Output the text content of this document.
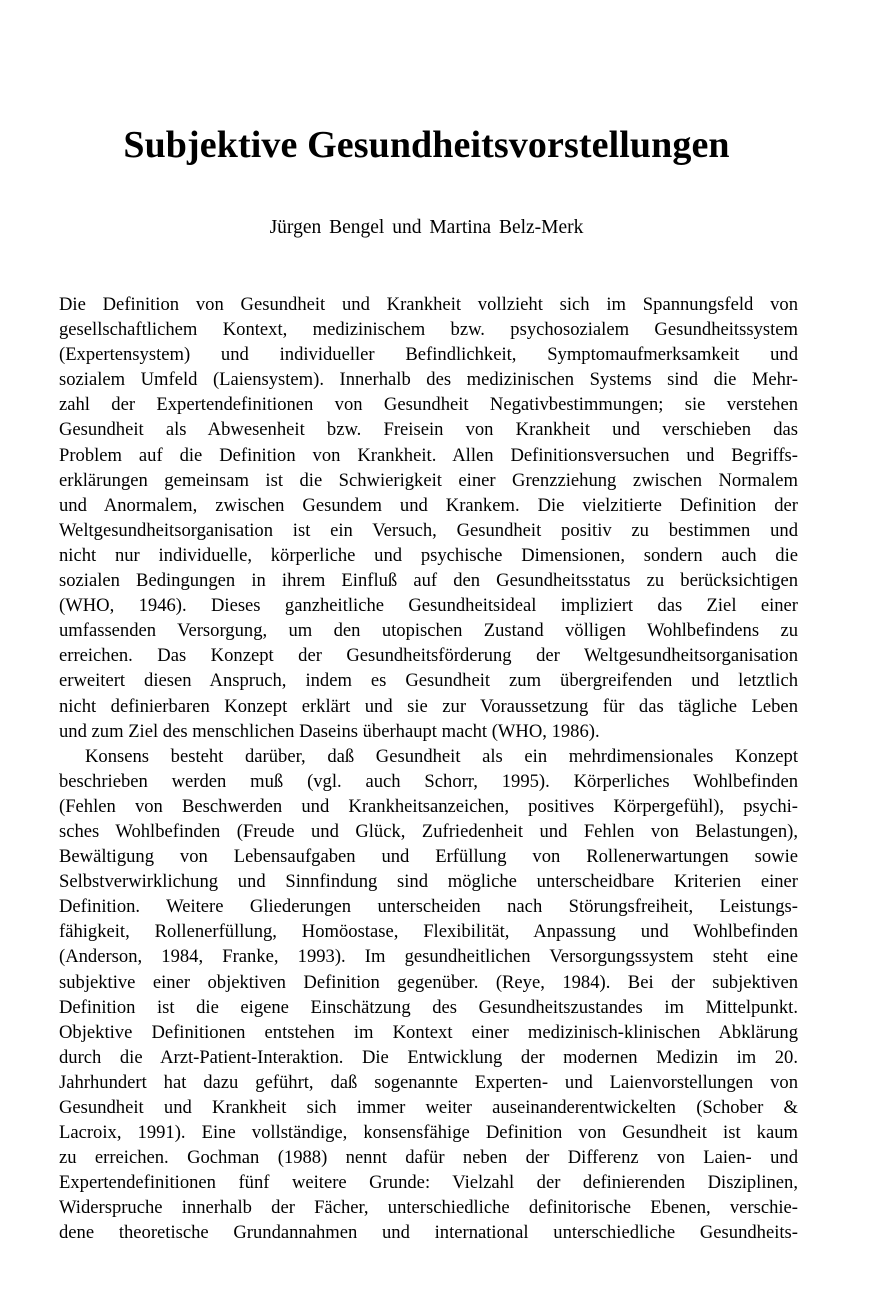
Subjektive Gesundheitsvorstellungen
Jürgen Bengel und Martina Belz-Merk
Die Definition von Gesundheit und Krankheit vollzieht sich im Spannungsfeld von
gesellschaftlichem Kontext, medizinischem bzw. psychosozialem Gesundheitssystem
(Expertensystem) und individueller Befindlichkeit, Symptomaufmerksamkeit und
sozialem Umfeld (Laiensystem). Innerhalb des medizinischen Systems sind die Mehr-
zahl der Expertendefinitionen von Gesundheit Negativbestimmungen; sie verstehen
Gesundheit als Abwesenheit bzw. Freisein von Krankheit und verschieben das
Problem auf die Definition von Krankheit. Allen Definitionsversuchen und Begriffs-
erklärungen gemeinsam ist die Schwierigkeit einer Grenzziehung zwischen Normalem
und Anormalem, zwischen Gesundem und Krankem. Die vielzitierte Definition der
Weltgesundheitsorganisation ist ein Versuch, Gesundheit positiv zu bestimmen und
nicht nur individuelle, körperliche und psychische Dimensionen, sondern auch die
sozialen Bedingungen in ihrem Einfluß auf den Gesundheitsstatus zu berücksichtigen
(WHO, 1946). Dieses ganzheitliche Gesundheitsideal impliziert das Ziel einer
umfassenden Versorgung, um den utopischen Zustand völligen Wohlbefindens zu
erreichen. Das Konzept der Gesundheitsförderung der Weltgesundheitsorganisation
erweitert diesen Anspruch, indem es Gesundheit zum übergreifenden und letztlich
nicht definierbaren Konzept erklärt und sie zur Voraussetzung für das tägliche Leben
und zum Ziel des menschlichen Daseins überhaupt macht (WHO, 1986).
Konsens besteht darüber, daß Gesundheit als ein mehrdimensionales Konzept
beschrieben werden muß (vgl. auch Schorr, 1995). Körperliches Wohlbefinden
(Fehlen von Beschwerden und Krankheitsanzeichen, positives Körpergefühl), psychi-
sches Wohlbefinden (Freude und Glück, Zufriedenheit und Fehlen von Belastungen),
Bewältigung von Lebensaufgaben und Erfüllung von Rollenerwartungen sowie
Selbstverwirklichung und Sinnfindung sind mögliche unterscheidbare Kriterien einer
Definition. Weitere Gliederungen unterscheiden nach Störungsfreiheit, Leistungs-
fähigkeit, Rollenerfüllung, Homöostase, Flexibilität, Anpassung und Wohlbefinden
(Anderson, 1984, Franke, 1993). Im gesundheitlichen Versorgungssystem steht eine
subjektive einer objektiven Definition gegenüber. (Reye, 1984). Bei der subjektiven
Definition ist die eigene Einschätzung des Gesundheitszustandes im Mittelpunkt.
Objektive Definitionen entstehen im Kontext einer medizinisch-klinischen Abklärung
durch die Arzt-Patient-Interaktion. Die Entwicklung der modernen Medizin im 20.
Jahrhundert hat dazu geführt, daß sogenannte Experten- und Laienvorstellungen von
Gesundheit und Krankheit sich immer weiter auseinanderentwickelten (Schober &
Lacroix, 1991). Eine vollständige, konsensfähige Definition von Gesundheit ist kaum
zu erreichen. Gochman (1988) nennt dafür neben der Differenz von Laien- und
Expertendefinitionen fünf weitere Grunde: Vielzahl der definierenden Disziplinen,
Widerspruche innerhalb der Fächer, unterschiedliche definitorische Ebenen, verschie-
dene theoretische Grundannahmen und international unterschiedliche Gesundheits-
